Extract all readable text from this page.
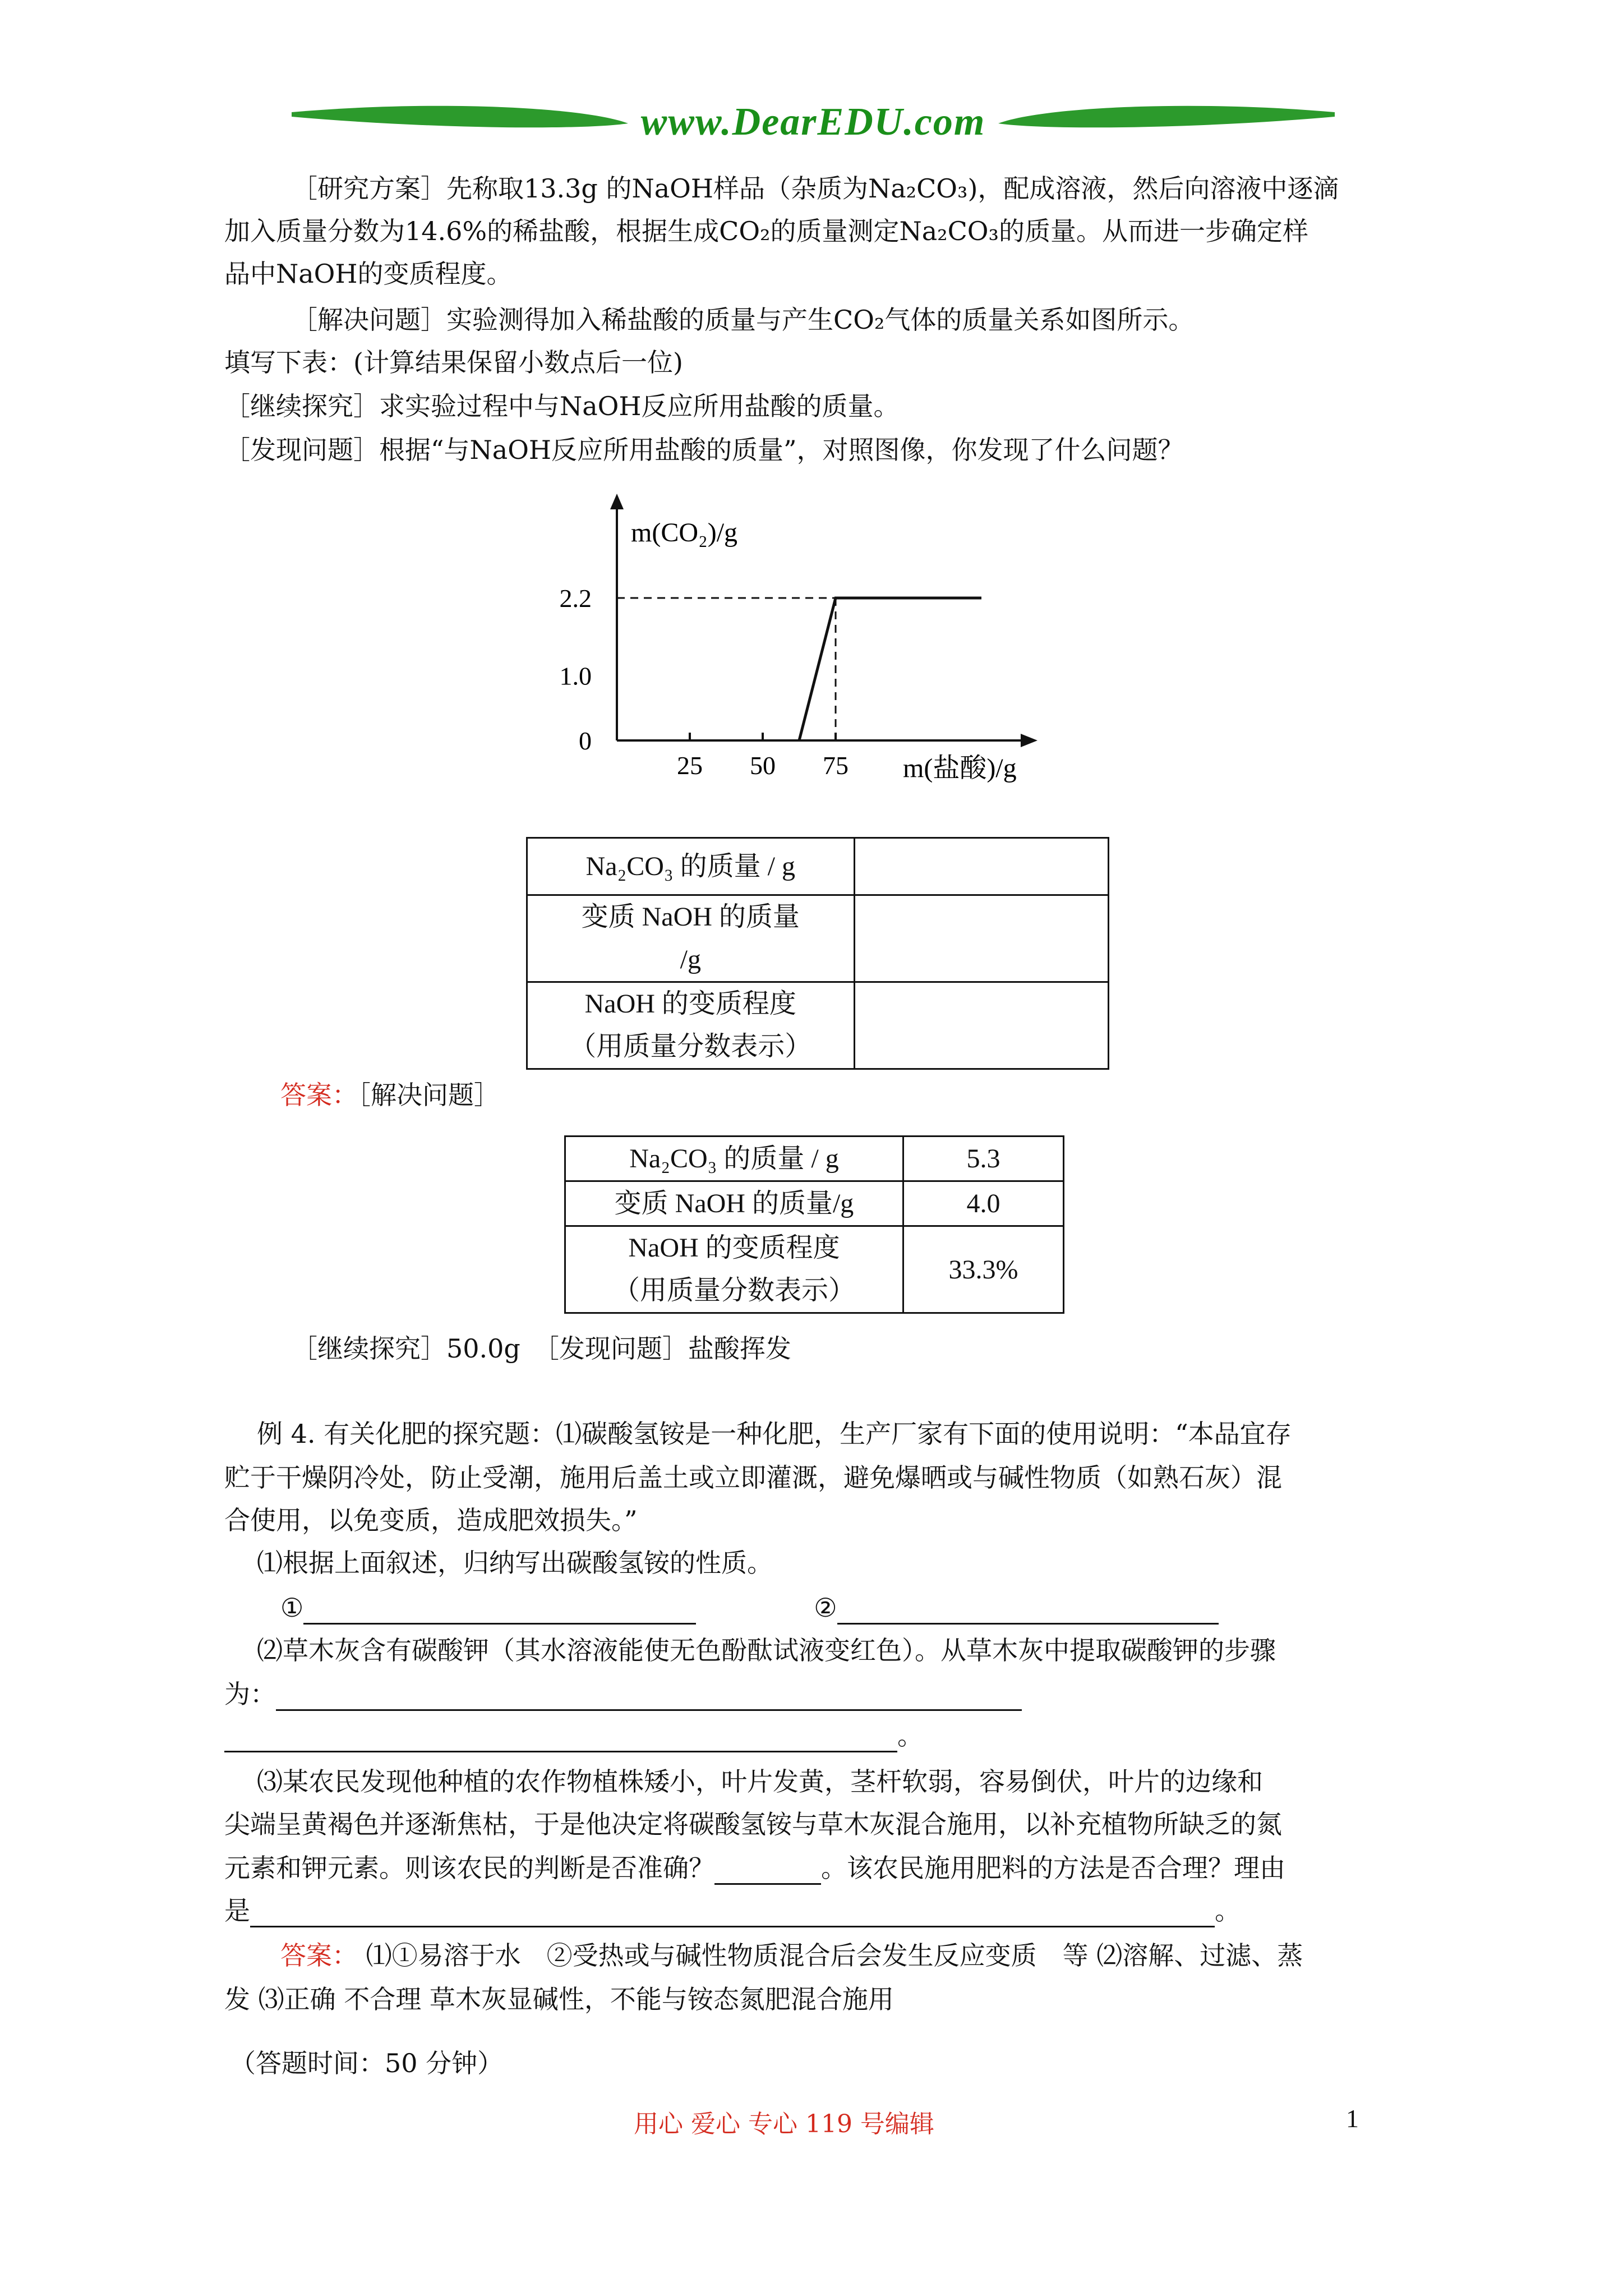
www.DearEDU.com
［研究方案］先称取13.3g 的NaOH样品（杂质为Na₂CO₃)，配成溶液，然后向溶液中逐滴
加入质量分数为14.6%的稀盐酸，根据生成CO₂的质量测定Na₂CO₃的质量。从而进一步确定样
品中NaOH的变质程度。
［解决问题］实验测得加入稀盐酸的质量与产生CO₂气体的质量关系如图所示。
填写下表：(计算结果保留小数点后一位)
［继续探究］求实验过程中与NaOH反应所用盐酸的质量。
［发现问题］根据“与NaOH反应所用盐酸的质量”，对照图像，你发现了什么问题？
m(CO₂)/g
m(盐酸)/g
25 50 75
2.2
1.0
0
Na₂CO₃ 的质量 / g	
变质 NaOH 的质量
/g	
NaOH 的变质程度
（用质量分数表示）	
答案：［解决问题］
Na₂CO₃ 的质量 / g	5.3
变质 NaOH 的质量/g	4.0
NaOH 的变质程度
（用质量分数表示）	33.3%
［继续探究］50.0g　［发现问题］盐酸挥发
例 4. 有关化肥的探究题：⑴碳酸氢铵是一种化肥，生产厂家有下面的使用说明：“本品宜存
贮于干燥阴冷处，防止受潮，施用后盖土或立即灌溉，避免爆晒或与碱性物质（如熟石灰）混
合使用，以免变质，造成肥效损失。”
⑴根据上面叙述，归纳写出碳酸氢铵的性质。
①	②
⑵草木灰含有碳酸钾（其水溶液能使无色酚酞试液变红色）。从草木灰中提取碳酸钾的步骤
为：
。
⑶某农民发现他种植的农作物植株矮小，叶片发黄，茎杆软弱，容易倒伏，叶片的边缘和
尖端呈黄褐色并逐渐焦枯，于是他决定将碳酸氢铵与草木灰混合施用，以补充植物所缺乏的氮
元素和钾元素。则该农民的判断是否准确？	。该农民施用肥料的方法是否合理？理由
是	。
答案： ⑴①易溶于水　②受热或与碱性物质混合后会发生反应变质　等 ⑵溶解、过滤、蒸
发 ⑶正确 不合理 草木灰显碱性，不能与铵态氮肥混合施用
（答题时间：50 分钟）
用心 爱心 专心 119 号编辑	1
